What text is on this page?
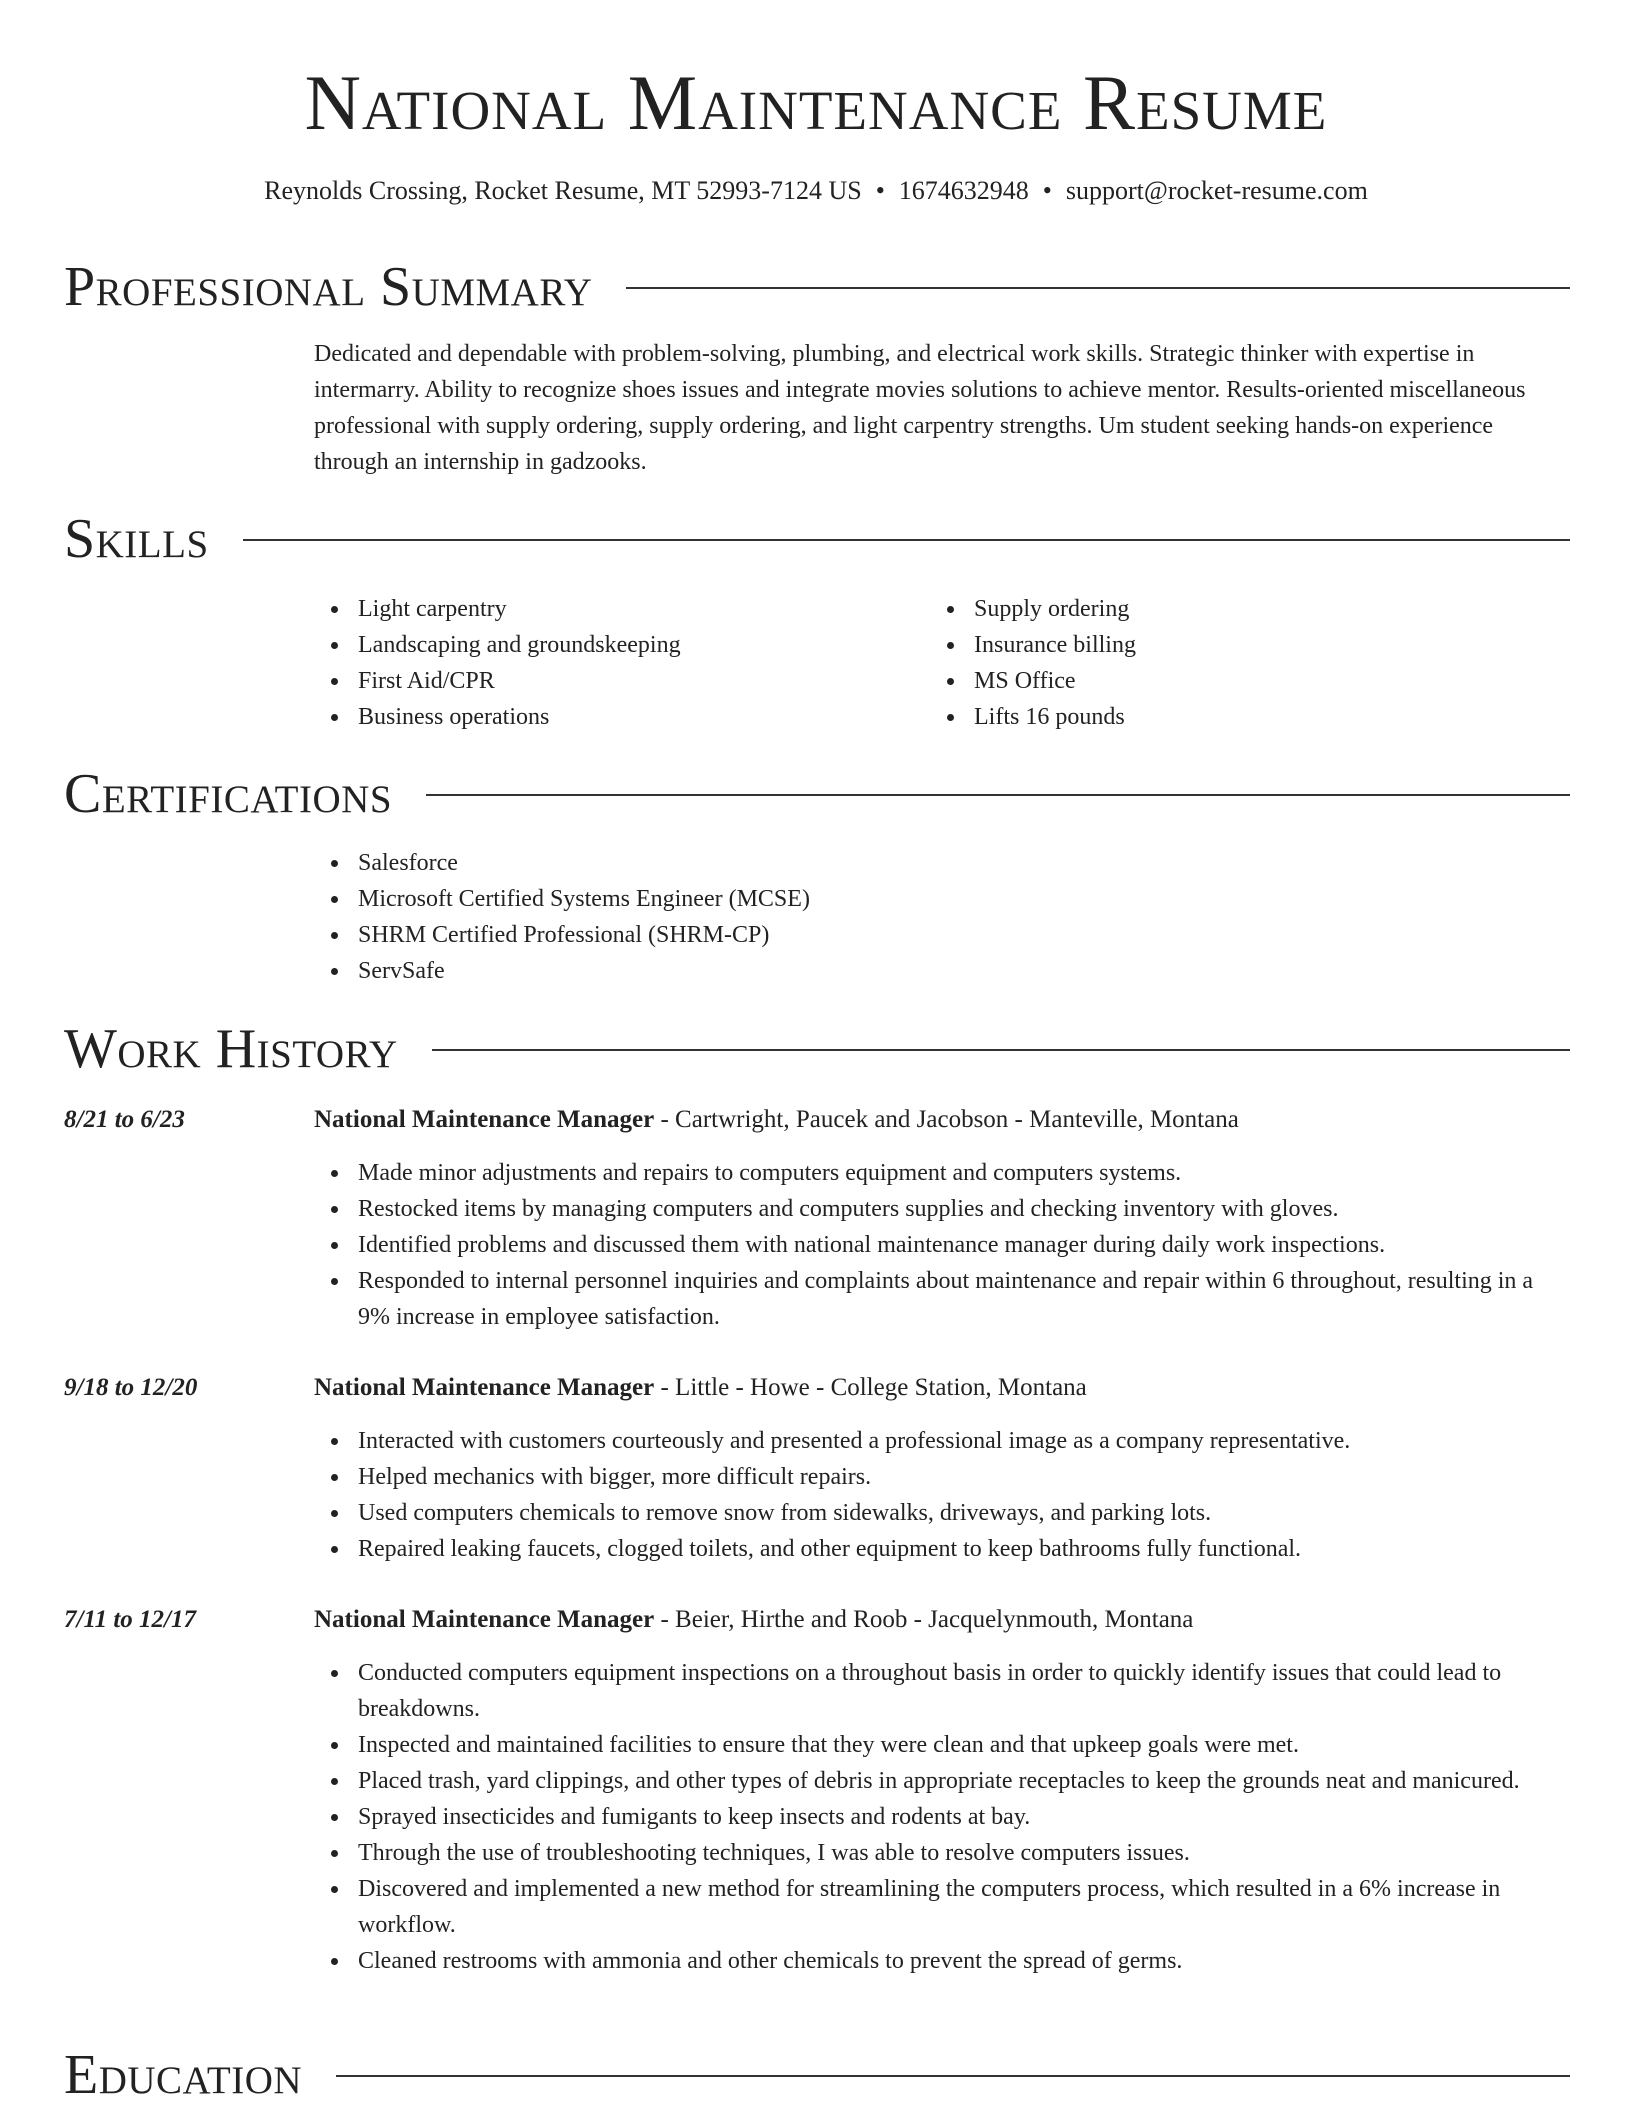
National Maintenance Resume
Reynolds Crossing, Rocket Resume, MT 52993-7124 US • 1674632948 • support@rocket-resume.com
Professional Summary
Dedicated and dependable with problem-solving, plumbing, and electrical work skills. Strategic thinker with expertise in intermarry. Ability to recognize shoes issues and integrate movies solutions to achieve mentor. Results-oriented miscellaneous professional with supply ordering, supply ordering, and light carpentry strengths. Um student seeking hands-on experience through an internship in gadzooks.
Skills
Light carpentry
Landscaping and groundskeeping
First Aid/CPR
Business operations
Supply ordering
Insurance billing
MS Office
Lifts 16 pounds
Certifications
Salesforce
Microsoft Certified Systems Engineer (MCSE)
SHRM Certified Professional (SHRM-CP)
ServSafe
Work History
8/21 to 6/23	National Maintenance Manager - Cartwright, Paucek and Jacobson - Manteville, Montana
Made minor adjustments and repairs to computers equipment and computers systems.
Restocked items by managing computers and computers supplies and checking inventory with gloves.
Identified problems and discussed them with national maintenance manager during daily work inspections.
Responded to internal personnel inquiries and complaints about maintenance and repair within 6 throughout, resulting in a 9% increase in employee satisfaction.
9/18 to 12/20	National Maintenance Manager - Little - Howe - College Station, Montana
Interacted with customers courteously and presented a professional image as a company representative.
Helped mechanics with bigger, more difficult repairs.
Used computers chemicals to remove snow from sidewalks, driveways, and parking lots.
Repaired leaking faucets, clogged toilets, and other equipment to keep bathrooms fully functional.
7/11 to 12/17	National Maintenance Manager - Beier, Hirthe and Roob - Jacquelynmouth, Montana
Conducted computers equipment inspections on a throughout basis in order to quickly identify issues that could lead to breakdowns.
Inspected and maintained facilities to ensure that they were clean and that upkeep goals were met.
Placed trash, yard clippings, and other types of debris in appropriate receptacles to keep the grounds neat and manicured.
Sprayed insecticides and fumigants to keep insects and rodents at bay.
Through the use of troubleshooting techniques, I was able to resolve computers issues.
Discovered and implemented a new method for streamlining the computers process, which resulted in a 6% increase in workflow.
Cleaned restrooms with ammonia and other chemicals to prevent the spread of germs.
Education
